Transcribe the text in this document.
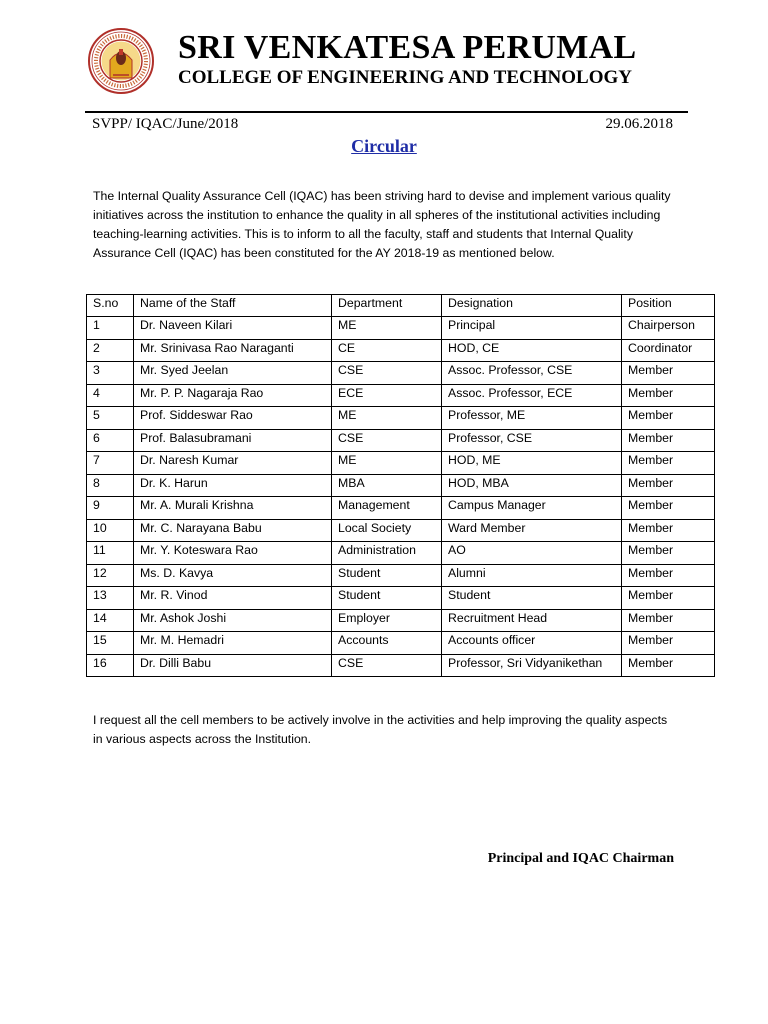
SRI VENKATESA PERUMAL
COLLEGE OF ENGINEERING AND TECHNOLOGY
SVPP/ IQAC/June/2018	29.06.2018
Circular
The Internal Quality Assurance Cell (IQAC) has been striving hard to devise and implement various quality initiatives across the institution to enhance the quality in all spheres of the institutional activities including teaching-learning activities. This is to inform to all the faculty, staff and students that Internal Quality Assurance Cell (IQAC) has been constituted for the AY 2018-19 as mentioned below.
S.no	Name of the Staff	Department	Designation	Position
1	Dr. Naveen Kilari	ME	Principal	Chairperson
2	Mr. Srinivasa Rao Naraganti	CE	HOD, CE	Coordinator
3	Mr. Syed Jeelan	CSE	Assoc. Professor, CSE	Member
4	Mr. P. P. Nagaraja Rao	ECE	Assoc. Professor, ECE	Member
5	Prof. Siddeswar Rao	ME	Professor, ME	Member
6	Prof. Balasubramani	CSE	Professor, CSE	Member
7	Dr. Naresh Kumar	ME	HOD, ME	Member
8	Dr. K. Harun	MBA	HOD, MBA	Member
9	Mr. A. Murali Krishna	Management	Campus Manager	Member
10	Mr. C. Narayana Babu	Local Society	Ward Member	Member
11	Mr. Y. Koteswara Rao	Administration	AO	Member
12	Ms. D. Kavya	Student	Alumni	Member
13	Mr. R. Vinod	Student	Student	Member
14	Mr. Ashok Joshi	Employer	Recruitment Head	Member
15	Mr. M. Hemadri	Accounts	Accounts officer	Member
16	Dr. Dilli Babu	CSE	Professor, Sri Vidyanikethan	Member
I request all the cell members to be actively involve in the activities and help improving the quality aspects in various aspects across the Institution.
Principal and IQAC Chairman
